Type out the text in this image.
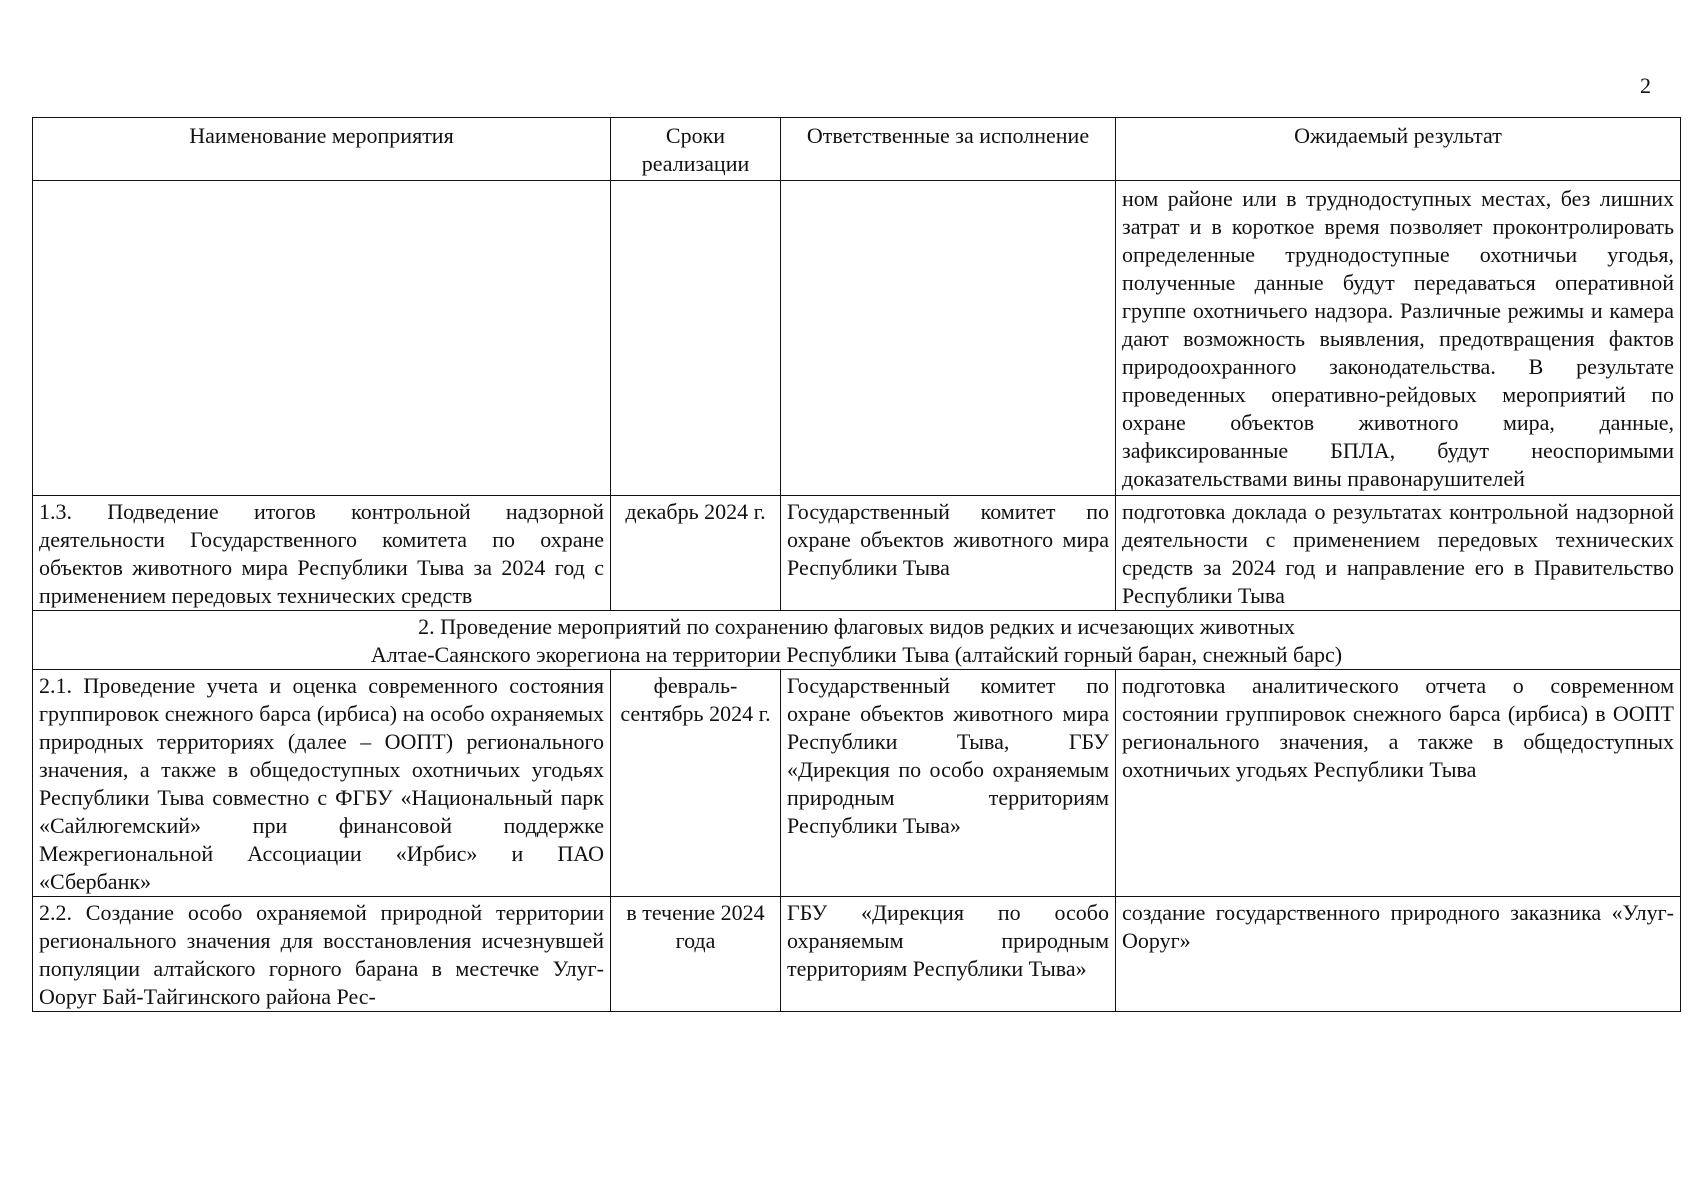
2
Наименование мероприятия	Сроки реализации	Ответственные за исполнение	Ожидаемый результат
			ном районе или в труднодоступных местах, без лишних затрат и в короткое время позволяет проконтролировать определенные труднодоступные охотничьи угодья, полученные данные будут передаваться оперативной группе охотничьего надзора. Различные режимы и камера дают возможность выявления, предотвращения фактов природоохранного законодательства. В результате проведенных оперативно-рейдовых мероприятий по охране объектов животного мира, данные, зафиксированные БПЛА, будут неоспоримыми доказательствами вины правонарушителей
1.3. Подведение итогов контрольной надзорной деятельности Государственного комитета по охране объектов животного мира Республики Тыва за 2024 год с применением передовых технических средств	декабрь 2024 г.	Государственный комитет по охране объектов животного мира Республики Тыва	подготовка доклада о результатах контрольной надзорной деятельности с применением передовых технических средств за 2024 год и направление его в Правительство Республики Тыва

2. Проведение мероприятий по сохранению флаговых видов редких и исчезающих животных
Алтае-Саянского экорегиона на территории Республики Тыва (алтайский горный баран, снежный барс)			

2.1. Проведение учета и оценка современного состояния группировок снежного барса (ирбиса) на особо охраняемых природных территориях (далее – ООПТ) регионального значения, а также в общедоступных охотничьих угодьях Республики Тыва совместно с ФГБУ «Национальный парк «Сайлюгемский» при финансовой поддержке Межрегиональной Ассоциации «Ирбис» и ПАО «Сбербанк»	февраль-сентябрь 2024 г.	Государственный комитет по охране объектов животного мира Республики Тыва, ГБУ «Дирекция по особо охраняемым природным территориям Республики Тыва»	подготовка аналитического отчета о современном состоянии группировок снежного барса (ирбиса) в ООПТ регионального значения, а также в общедоступных охотничьих угодьях Республики Тыва
2.2. Создание особо охраняемой природной территории регионального значения для восстановления исчезнувшей популяции алтайского горного барана в местечке Улуг-Ооруг Бай-Тайгинского района Рес-	в течение 2024 года	ГБУ «Дирекция по особо охраняемым природным территориям Республики Тыва»	создание государственного природного заказника «Улуг-Ооруг»
